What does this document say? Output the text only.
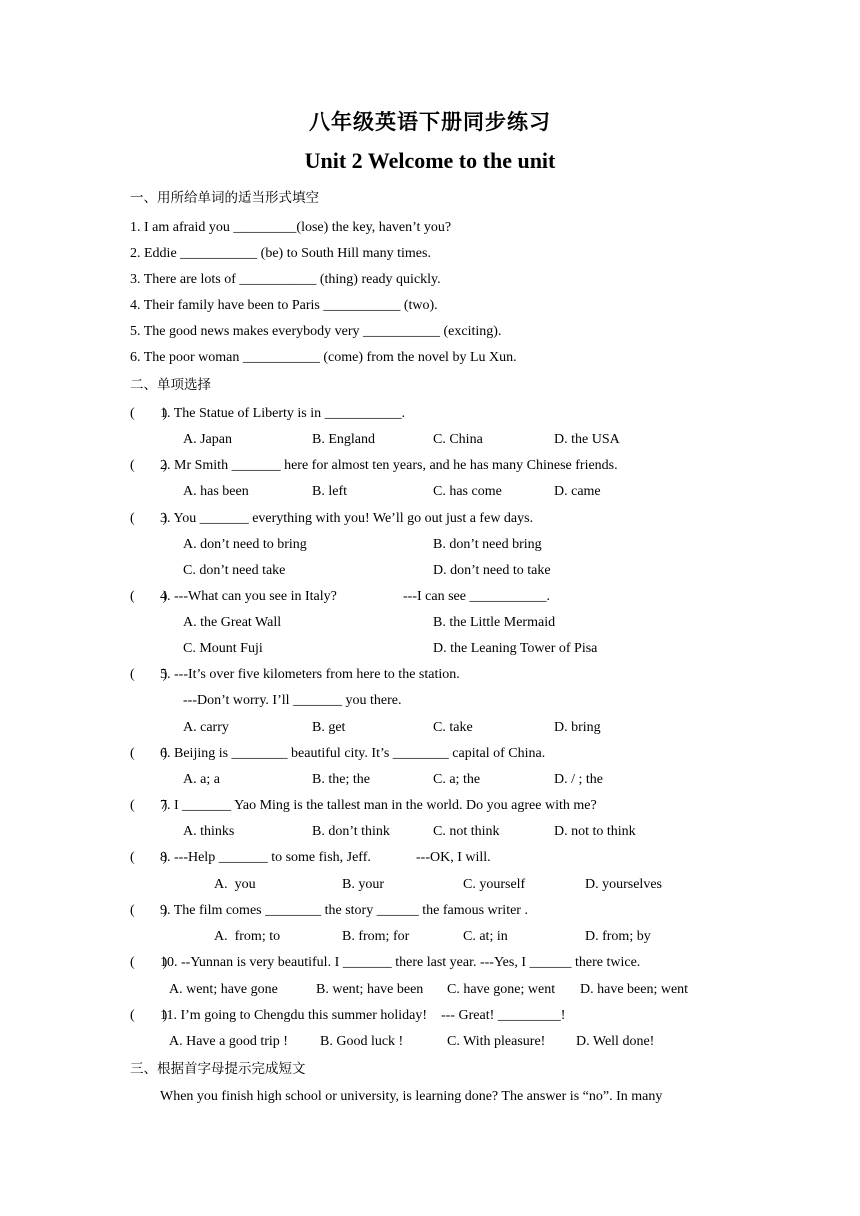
八年级英语下册同步练习
Unit 2 Welcome to the unit
一、用所给单词的适当形式填空
1. I am afraid you _________(lose) the key, haven’t you?
2. Eddie ___________ (be) to South Hill many times.
3. There are lots of ___________ (thing) ready quickly.
4. Their family have been to Paris ___________ (two).
5. The good news makes everybody very ___________ (exciting).
6. The poor woman ___________ (come) from the novel by Lu Xun.
二、单项选择
(        )
1. The Statue of Liberty is in ___________.
A. Japan	B. England	C. China	D. the USA
(        )
2. Mr Smith _______ here for almost ten years, and he has many Chinese friends.
A. has been	B. left	C. has come	D. came
(        )
3. You _______ everything with you! We’ll go out just a few days.
A. don’t need to bring	B. don’t need bring
C. don’t need take	D. don’t need to take
(        )
4. ---What can you see in Italy?	---I can see ___________.
A. the Great Wall	B. the Little Mermaid
C. Mount Fuji	D. the Leaning Tower of Pisa
(        )
5. ---It’s over five kilometers from here to the station.
---Don’t worry. I’ll _______ you there.
A. carry	B. get	C. take	D. bring
(        )
6. Beijing is ________ beautiful city. It’s ________ capital of China.
A. a; a	B. the; the	C. a; the	D. / ; the
(        )
7. I _______ Yao Ming is the tallest man in the world. Do you agree with me?
A. thinks	B. don’t think	C. not think	D. not to think
(        )
8. ---Help _______ to some fish, Jeff.	---OK, I will.
A.  you	B. your	C. yourself	D. yourselves
(        )
9. The film comes ________ the story ______ the famous writer .
A.  from; to	B. from; for	C. at; in	D. from; by
(        )
10. --Yunnan is very beautiful. I _______ there last year. ---Yes, I ______ there twice.
A. went; have gone	B. went; have been C. have gone; went D. have been; went
(        )
11. I’m going to Chengdu this summer holiday!    --- Great! _________!
A. Have a good trip ! B. Good luck !	C. With pleasure! D. Well done!
三、根据首字母提示完成短文
When you finish high school or university, is learning done? The answer is “no”. In many
